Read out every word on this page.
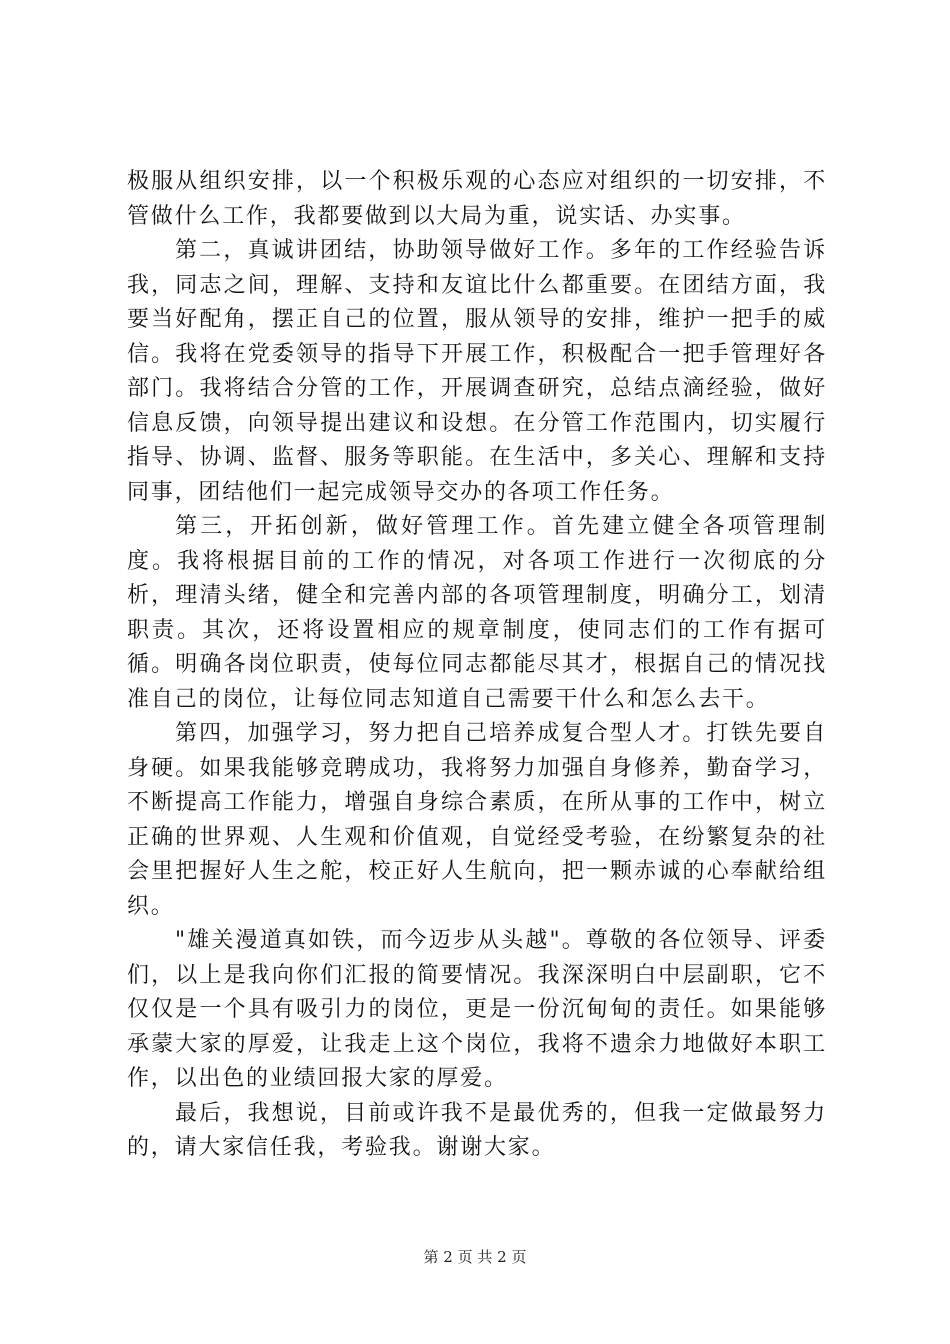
极服从组织安排，以一个积极乐观的心态应对组织的一切安排，不管做什么工作，我都要做到以大局为重，说实话、办实事。

第二，真诚讲团结，协助领导做好工作。多年的工作经验告诉我，同志之间，理解、支持和友谊比什么都重要。在团结方面，我要当好配角，摆正自己的位置，服从领导的安排，维护一把手的威信。我将在党委领导的指导下开展工作，积极配合一把手管理好各部门。我将结合分管的工作，开展调查研究，总结点滴经验，做好信息反馈，向领导提出建议和设想。在分管工作范围内，切实履行指导、协调、监督、服务等职能。在生活中，多关心、理解和支持同事，团结他们一起完成领导交办的各项工作任务。

第三，开拓创新，做好管理工作。首先建立健全各项管理制度。我将根据目前的工作的情况，对各项工作进行一次彻底的分析，理清头绪，健全和完善内部的各项管理制度，明确分工，划清职责。其次，还将设置相应的规章制度，使同志们的工作有据可循。明确各岗位职责，使每位同志都能尽其才，根据自己的情况找准自己的岗位，让每位同志知道自己需要干什么和怎么去干。

第四，加强学习，努力把自己培养成复合型人才。打铁先要自身硬。如果我能够竞聘成功，我将努力加强自身修养，勤奋学习，不断提高工作能力，增强自身综合素质，在所从事的工作中，树立正确的世界观、人生观和价值观，自觉经受考验，在纷繁复杂的社会里把握好人生之舵，校正好人生航向，把一颗赤诚的心奉献给组织。

"雄关漫道真如铁，而今迈步从头越"。尊敬的各位领导、评委们，以上是我向你们汇报的简要情况。我深深明白中层副职，它不仅仅是一个具有吸引力的岗位，更是一份沉甸甸的责任。如果能够承蒙大家的厚爱，让我走上这个岗位，我将不遗余力地做好本职工作，以出色的业绩回报大家的厚爱。

最后，我想说，目前或许我不是最优秀的，但我一定做最努力的，请大家信任我，考验我。谢谢大家。

第 2 页 共 2 页
